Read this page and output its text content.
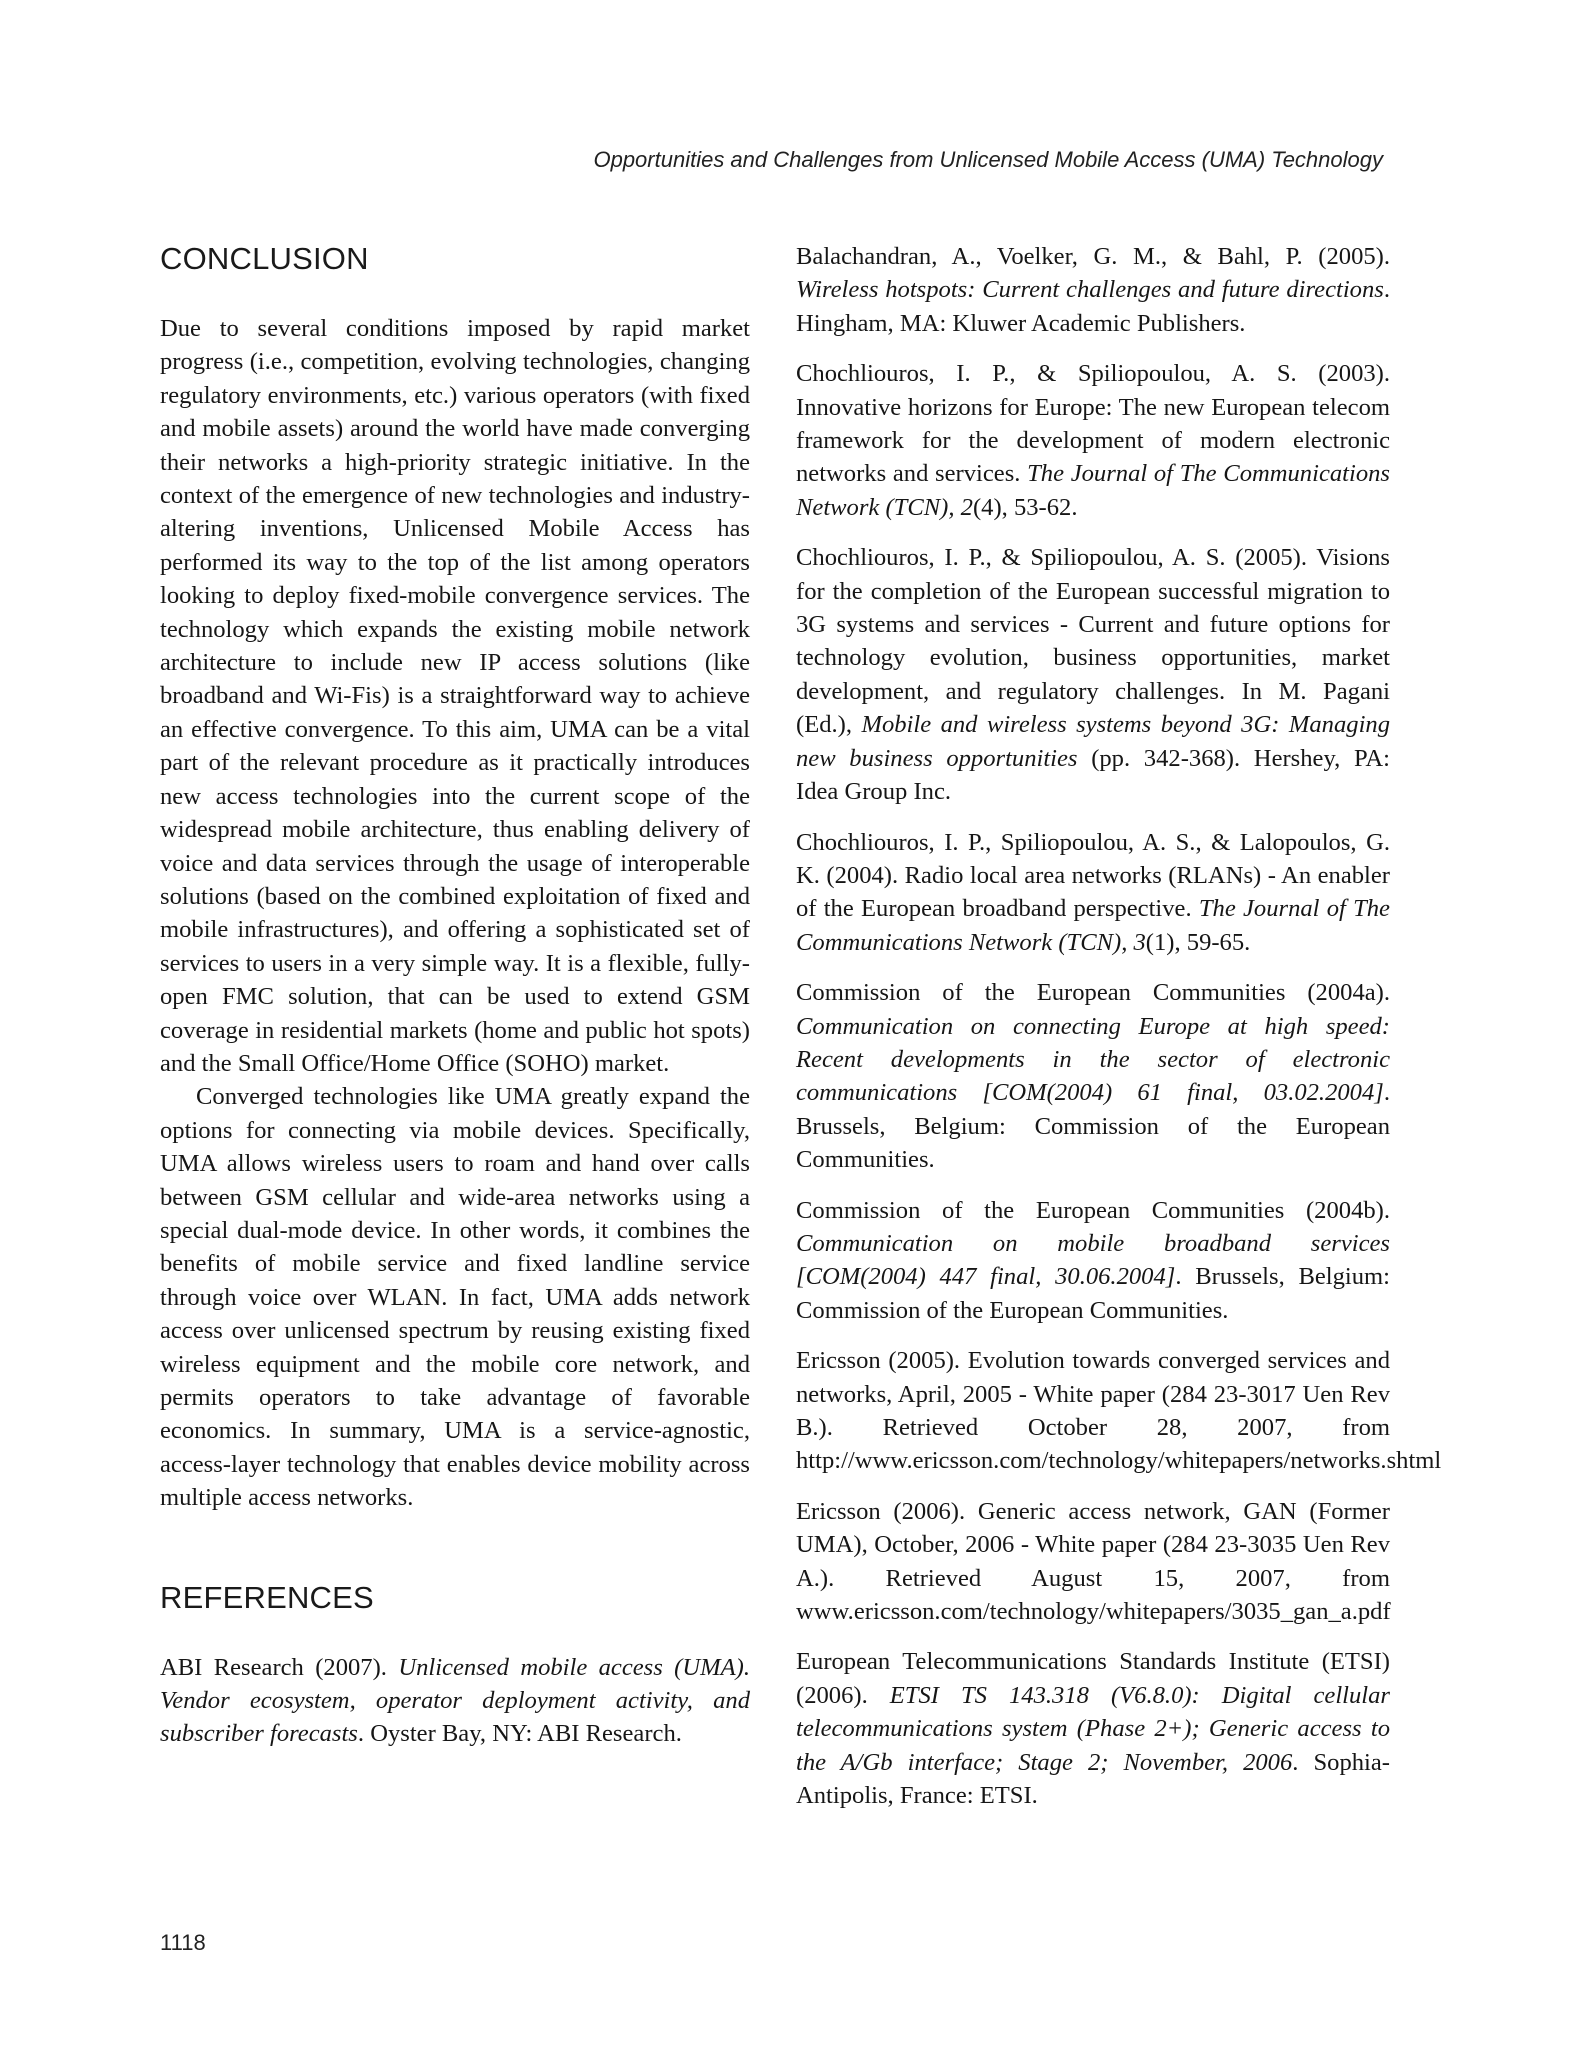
Opportunities and Challenges from Unlicensed Mobile Access (UMA) Technology
CONCLUSION

Due to several conditions imposed by rapid market progress (i.e., competition, evolving technologies, changing regulatory environments, etc.) various operators (with fixed and mobile assets) around the world have made converging their networks a high-priority strategic initiative. In the context of the emergence of new technologies and industry-altering inventions, Unlicensed Mobile Access has performed its way to the top of the list among operators looking to deploy fixed-mobile convergence services. The technology which expands the existing mobile network architecture to include new IP access solutions (like broadband and Wi-Fis) is a straightforward way to achieve an effective convergence. To this aim, UMA can be a vital part of the relevant procedure as it practically introduces new access technologies into the current scope of the widespread mobile architecture, thus enabling delivery of voice and data services through the usage of interoperable solutions (based on the combined exploitation of fixed and mobile infrastructures), and offering a sophisticated set of services to users in a very simple way. It is a flexible, fully-open FMC solution, that can be used to extend GSM coverage in residential markets (home and public hot spots) and the Small Office/Home Office (SOHO) market.

Converged technologies like UMA greatly expand the options for connecting via mobile devices. Specifically, UMA allows wireless users to roam and hand over calls between GSM cellular and wide-area networks using a special dual-mode device. In other words, it combines the benefits of mobile service and fixed landline service through voice over WLAN. In fact, UMA adds network access over unlicensed spectrum by reusing existing fixed wireless equipment and the mobile core network, and permits operators to take advantage of favorable economics. In summary, UMA is a service-agnostic, access-layer technology that enables device mobility across multiple access networks.

REFERENCES

ABI Research (2007). Unlicensed mobile access (UMA). Vendor ecosystem, operator deployment activity, and subscriber forecasts. Oyster Bay, NY: ABI Research.

Balachandran, A., Voelker, G. M., & Bahl, P. (2005). Wireless hotspots: Current challenges and future directions. Hingham, MA: Kluwer Academic Publishers.

Chochliouros, I. P., & Spiliopoulou, A. S. (2003). Innovative horizons for Europe: The new European telecom framework for the development of modern electronic networks and services. The Journal of The Communications Network (TCN), 2(4), 53-62.

Chochliouros, I. P., & Spiliopoulou, A. S. (2005). Visions for the completion of the European successful migration to 3G systems and services - Current and future options for technology evolution, business opportunities, market development, and regulatory challenges. In M. Pagani (Ed.), Mobile and wireless systems beyond 3G: Managing new business opportunities (pp. 342-368). Hershey, PA: Idea Group Inc.

Chochliouros, I. P., Spiliopoulou, A. S., & Lalopoulos, G. K. (2004). Radio local area networks (RLANs) - An enabler of the European broadband perspective. The Journal of The Communications Network (TCN), 3(1), 59-65.

Commission of the European Communities (2004a). Communication on connecting Europe at high speed: Recent developments in the sector of electronic communications [COM(2004) 61 final, 03.02.2004]. Brussels, Belgium: Commission of the European Communities.

Commission of the European Communities (2004b). Communication on mobile broadband services [COM(2004) 447 final, 30.06.2004]. Brussels, Belgium: Commission of the European Communities.

Ericsson (2005). Evolution towards converged services and networks, April, 2005 - White paper (284 23-3017 Uen Rev B.). Retrieved October 28, 2007, from http://www.ericsson.com/technology/whitepapers/networks.shtml

Ericsson (2006). Generic access network, GAN (Former UMA), October, 2006 - White paper (284 23-3035 Uen Rev A.). Retrieved August 15, 2007, from www.ericsson.com/technology/whitepapers/3035_gan_a.pdf

European Telecommunications Standards Institute (ETSI) (2006). ETSI TS 143.318 (V6.8.0): Digital cellular telecommunications system (Phase 2+); Generic access to the A/Gb interface; Stage 2; November, 2006. Sophia-Antipolis, France: ETSI.

1118
